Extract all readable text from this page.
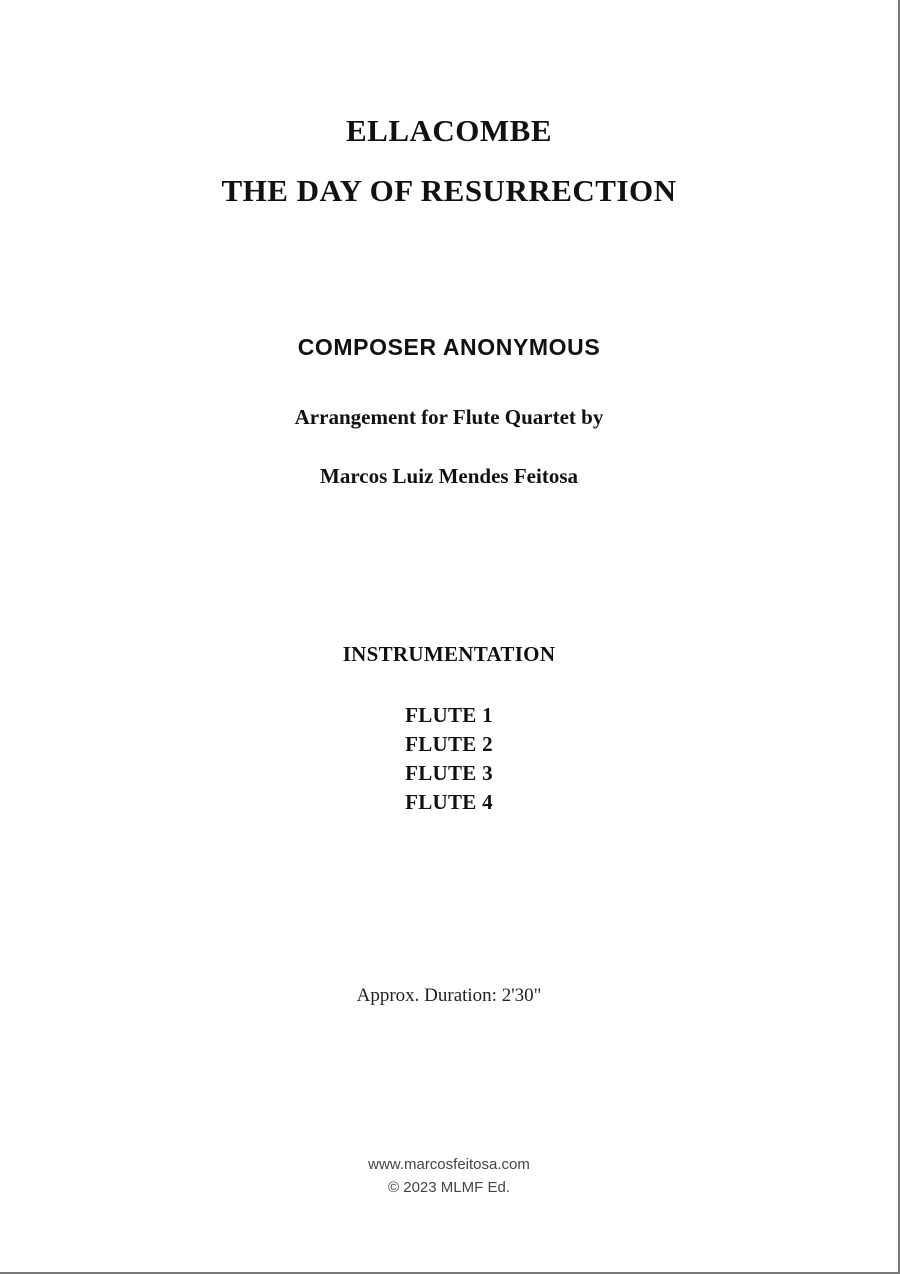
ELLACOMBE
THE DAY OF RESURRECTION
COMPOSER ANONYMOUS
Arrangement for Flute Quartet by
Marcos Luiz Mendes Feitosa
INSTRUMENTATION
FLUTE 1
FLUTE 2
FLUTE 3
FLUTE 4
Approx. Duration: 2'30"
www.marcosfeitosa.com
© 2023 MLMF Ed.
